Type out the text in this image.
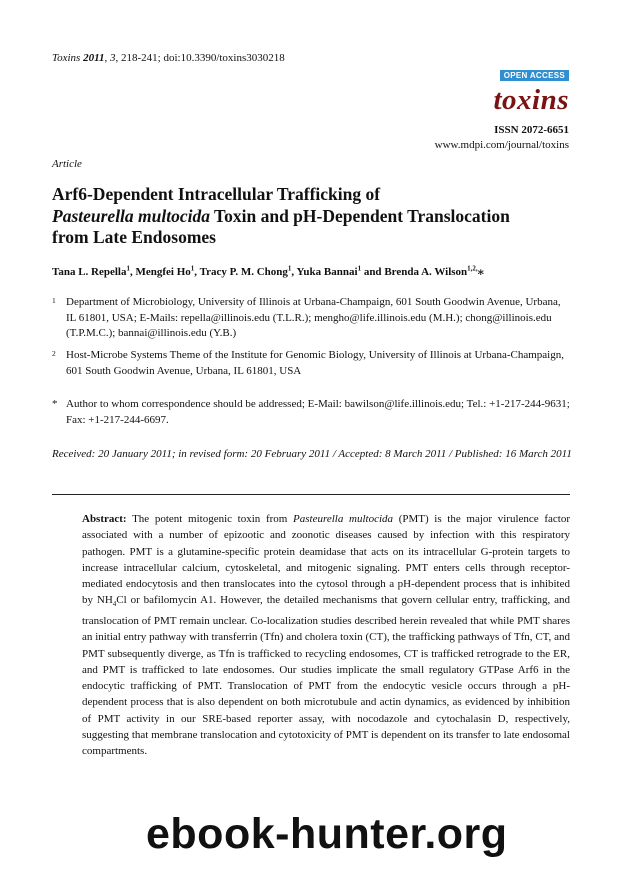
Toxins 2011, 3, 218-241; doi:10.3390/toxins3030218
OPEN ACCESS
toxins
ISSN 2072-6651
www.mdpi.com/journal/toxins
Article
Arf6-Dependent Intracellular Trafficking of
Pasteurella multocida Toxin and pH-Dependent Translocation
from Late Endosomes
Tana L. Repella$^1$, Mengfei Ho$^1$, Tracy P. M. Chong$^1$, Yuka Bannai$^1$ and Brenda A. Wilson$^{1,2,}$⁎
1 Department of Microbiology, University of Illinois at Urbana-Champaign, 601 South Goodwin Avenue, Urbana, IL 61801, USA; E-Mails: repella@illinois.edu (T.L.R.); mengho@life.illinois.edu (M.H.); chong@illinois.edu (T.P.M.C.); bannai@illinois.edu (Y.B.)
2 Host-Microbe Systems Theme of the Institute for Genomic Biology, University of Illinois at Urbana-Champaign, 601 South Goodwin Avenue, Urbana, IL 61801, USA
* Author to whom correspondence should be addressed; E-Mail: bawilson@life.illinois.edu; Tel.: +1-217-244-9631; Fax: +1-217-244-6697.
Received: 20 January 2011; in revised form: 20 February 2011 / Accepted: 8 March 2011 / Published: 16 March 2011
Abstract: The potent mitogenic toxin from Pasteurella multocida (PMT) is the major virulence factor associated with a number of epizootic and zoonotic diseases caused by infection with this respiratory pathogen. PMT is a glutamine-specific protein deamidase that acts on its intracellular G-protein targets to increase intracellular calcium, cytoskeletal, and mitogenic signaling. PMT enters cells through receptor-mediated endocytosis and then translocates into the cytosol through a pH-dependent process that is inhibited by $NH_4Cl$ or bafilomycin A1. However, the detailed mechanisms that govern cellular entry, trafficking, and translocation of PMT remain unclear. Co-localization studies described herein revealed that while PMT shares an initial entry pathway with transferrin (Tfn) and cholera toxin (CT), the trafficking pathways of Tfn, CT, and PMT subsequently diverge, as Tfn is trafficked to recycling endosomes, CT is trafficked retrograde to the ER, and PMT is trafficked to late endosomes. Our studies implicate the small regulatory GTPase Arf6 in the endocytic trafficking of PMT. Translocation of PMT from the endocytic vesicle occurs through a pH-dependent process that is also dependent on both microtubule and actin dynamics, as evidenced by inhibition of PMT activity in our SRE-based reporter assay, with nocodazole and cytochalasin D, respectively, suggesting that membrane translocation and cytotoxicity of PMT is dependent on its transfer to late endosomal compartments.
ebook-hunter.org
